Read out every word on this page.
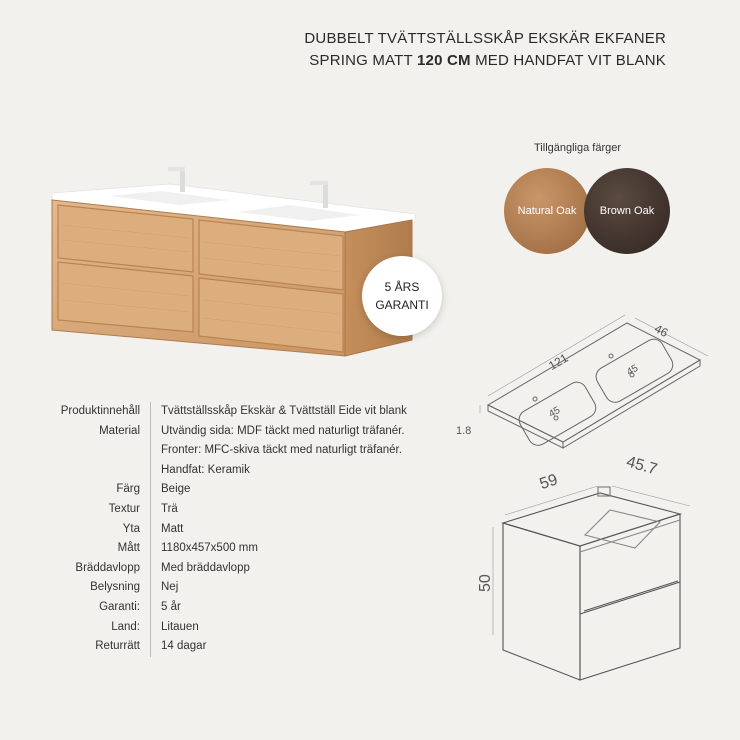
DUBBELT TVÄTTSTÄLLSSKÅP EKSKÄR EKFANER
SPRING MATT 120 CM MED HANDFAT VIT BLANK
121
46
1.8
45
45
59
45.7
50
Tillgängliga färger
Natural Oak Brown Oak
5 ÅRS
GARANTI
Produktinnehåll	Tvättställsskåp Ekskär & Tvättställ Eide vit blank
Material	Utvändig sida: MDF täckt med naturligt träfanér.
Fronter: MFC-skiva täckt med naturligt träfanér.
Handfat: Keramik
Färg	Beige
Textur	Trä
Yta	Matt
Mått	1180x457x500 mm
Bräddavlopp	Med bräddavlopp
Belysning	Nej
Garanti:	5 år
Land:	Litauen
Returrätt	14 dagar
